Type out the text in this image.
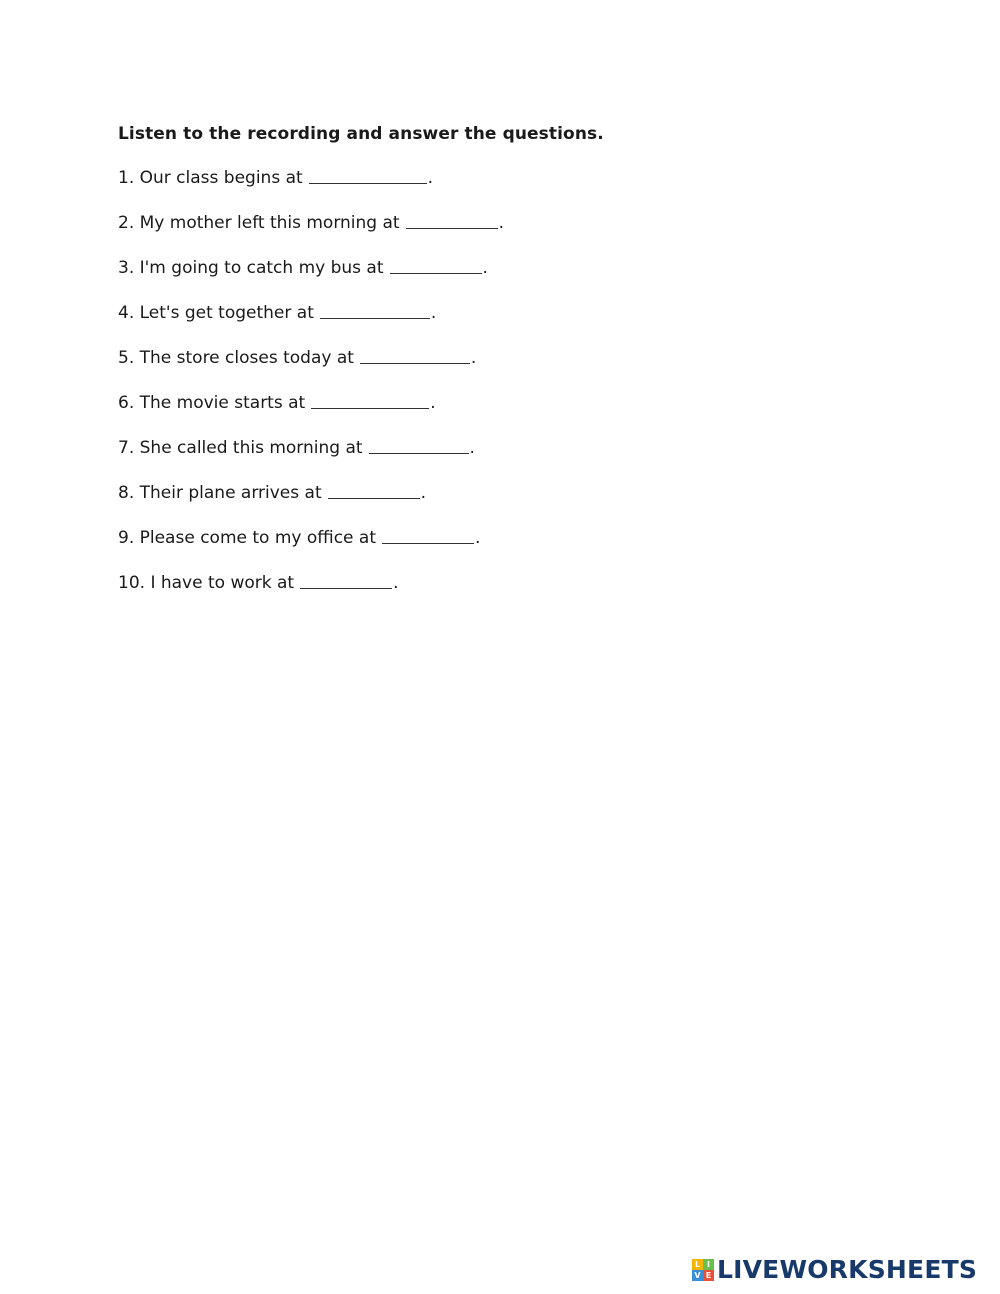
Listen to the recording and answer the questions.
1. Our class begins at	.
2. My mother left this morning at	.
3. I'm going to catch my bus at	.
4. Let's get together at	.
5. The store closes today at	.
6. The movie starts at	.
7. She called this morning at	.
8. Their plane arrives at	.
9. Please come to my office at	.
10. I have to work at	.
L I
V E LIVEWORKSHEETS
